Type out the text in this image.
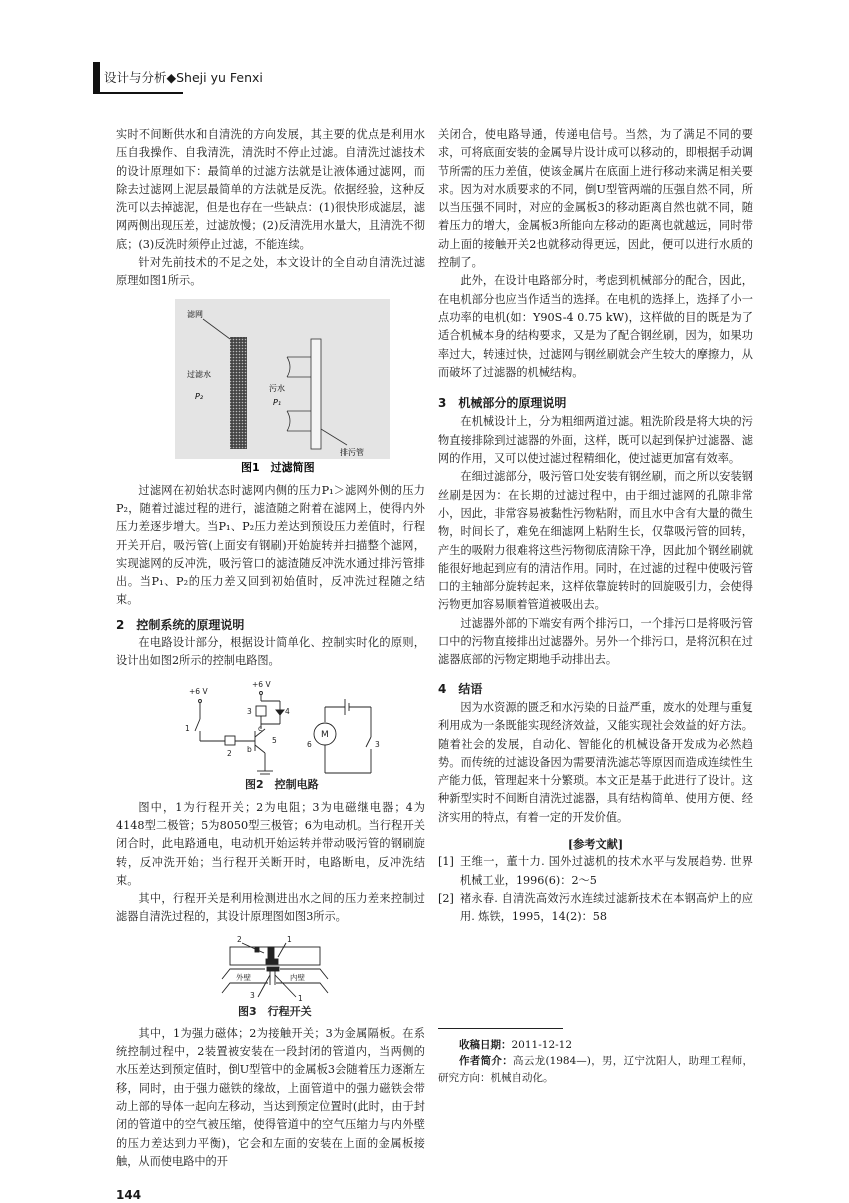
设计与分析◆Sheji yu Fenxi

实时不间断供水和自清洗的方向发展，其主要的优点是利用水压自我操作、自我清洗，清洗时不停止过滤。自清洗过滤技术的设计原理如下：最简单的过滤方法就是让液体通过滤网，而除去过滤网上泥层最简单的方法就是反洗。依据经验，这种反洗可以去掉滤泥，但是也存在一些缺点：(1)很快形成滤层，滤网两侧出现压差，过滤放慢；(2)反清洗用水量大，且清洗不彻底；(3)反洗时须停止过滤，不能连续。

针对先前技术的不足之处，本文设计的全自动自清洗过滤原理如图1所示。

滤网
过滤水
P₂
污水
P₁
排污管
图1　过滤简图

过滤网在初始状态时滤网内侧的压力P₁＞滤网外侧的压力P₂，随着过滤过程的进行，滤渣随之附着在滤网上，使得内外压力差逐步增大。当P₁、P₂压力差达到预设压力差值时，行程开关开启，吸污管(上面安有钢刷)开始旋转并扫描整个滤网，实现滤网的反冲洗，吸污管口的滤渣随反冲洗水通过排污管排出。当P₁、P₂的压力差又回到初始值时，反冲洗过程随之结束。

2　控制系统的原理说明

在电路设计部分，根据设计简单化、控制实时化的原则，设计出如图2所示的控制电路图。

+6 V
+6 V
1
2
3	4
5
c
b
6	3
M
图2　控制电路

图中，1为行程开关；2为电阻；3为电磁继电器；4为4148型二极管；5为8050型三极管；6为电动机。当行程开关闭合时，此电路通电，电动机开始运转并带动吸污管的钢刷旋转，反冲洗开始；当行程开关断开时，电路断电，反冲洗结束。

其中，行程开关是利用检测进出水之间的压力差来控制过滤器自清洗过程的，其设计原理图如图3所示。

2	1
外壁	内壁
3	1
图3　行程开关

其中，1为强力磁体；2为接触开关；3为金属隔板。在系统控制过程中，2装置被安装在一段封闭的管道内，当两侧的水压差达到预定值时，倒U型管中的金属板3会随着压力逐渐左移，同时，由于强力磁铁的缘故，上面管道中的强力磁铁会带动上部的导体一起向左移动，当达到预定位置时(此时，由于封闭的管道中的空气被压缩，使得管道中的空气压缩力与内外壁的压力差达到力平衡)，它会和左面的安装在上面的金属板接触，从而使电路中的开

144

关闭合，使电路导通，传递电信号。当然，为了满足不同的要求，可将底面安装的金属导片设计成可以移动的，即根据手动调节所需的压力差值，使该金属片在底面上进行移动来满足相关要求。因为对水质要求的不同，倒U型管两端的压强自然不同，所以当压强不同时，对应的金属板3的移动距离自然也就不同，随着压力的增大，金属板3所能向左移动的距离也就越远，同时带动上面的接触开关2也就移动得更远，因此，便可以进行水质的控制了。

此外，在设计电路部分时，考虑到机械部分的配合，因此，在电机部分也应当作适当的选择。在电机的选择上，选择了小一点功率的电机(如：Y90S-4 0.75 kW)，这样做的目的既是为了适合机械本身的结构要求，又是为了配合钢丝刷，因为，如果功率过大，转速过快，过滤网与钢丝刷就会产生较大的摩擦力，从而破坏了过滤器的机械结构。

3　机械部分的原理说明

在机械设计上，分为粗细两道过滤。粗洗阶段是将大块的污物直接排除到过滤器的外面，这样，既可以起到保护过滤器、滤网的作用，又可以使过滤过程精细化，使过滤更加富有效率。

在细过滤部分，吸污管口处安装有钢丝刷，而之所以安装钢丝刷是因为：在长期的过滤过程中，由于细过滤网的孔隙非常小，因此，非常容易被黏性污物粘附，而且水中含有大量的微生物，时间长了，难免在细滤网上粘附生长，仅靠吸污管的回转，产生的吸附力很难将这些污物彻底清除干净，因此加个钢丝刷就能很好地起到应有的清洁作用。同时，在过滤的过程中使吸污管口的主轴部分旋转起来，这样依靠旋转时的回旋吸引力，会使得污物更加容易顺着管道被吸出去。

过滤器外部的下端安有两个排污口，一个排污口是将吸污管口中的污物直接排出过滤器外。另外一个排污口，是将沉积在过滤器底部的污物定期地手动排出去。

4　结语

因为水资源的匮乏和水污染的日益严重，废水的处理与重复利用成为一条既能实现经济效益，又能实现社会效益的好方法。随着社会的发展，自动化、智能化的机械设备开发成为必然趋势。而传统的过滤设备因为需要清洗滤芯等原因而造成连续性生产能力低，管理起来十分繁琐。本文正是基于此进行了设计。这种新型实时不间断自清洗过滤器，具有结构简单、使用方便、经济实用的特点，有着一定的开发价值。

[参考文献]
[1] 王维一，董十力. 国外过滤机的技术水平与发展趋势. 世界机械工业，1996(6)：2～5
[2] 褚永春. 自清洗高效污水连续过滤新技术在本钢高炉上的应用. 炼铁，1995，14(2)：58

收稿日期：2011-12-12

作者简介：高云龙(1984—)，男，辽宁沈阳人，助理工程师，研究方向：机械自动化。
